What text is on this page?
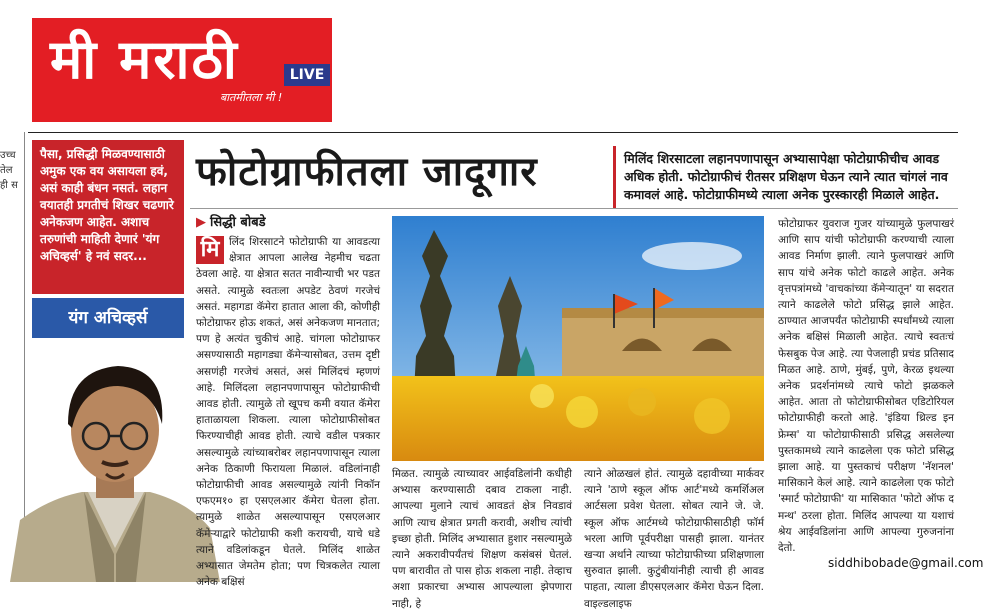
मी मराठी	LIVE
बातमीतला मी !
उच्च तेल ही स
पैसा, प्रसिद्धी मिळवण्यासाठी अमुक एक वय असायला हवं, असं काही बंधन नसतं. लहान वयातही प्रगतीचं शिखर चढणारे अनेकजण आहेत. अशाच तरुणांची माहिती देणारं 'यंग अचिव्हर्स' हे नवं सदर...
यंग अचिव्हर्स
फोटोग्राफीतला जादूगार	मिलिंद शिरसाटला लहानपणापासून अभ्यासापेक्षा फोटोग्राफीचीच आवड अधिक होती. फोटोग्राफीचं रीतसर प्रशिक्षण घेऊन त्याने त्यात चांगलं नाव कमावलं आहे. फोटोग्राफीमध्ये त्याला अनेक पुरस्कारही मिळाले आहेत.
▶ सिद्धी बोबडे
मि लिंद शिरसाटने फोटोग्राफी या आवडत्या क्षेत्रात आपला आलेख नेहमीच चढता ठेवला आहे. या क्षेत्रात सतत नावीन्याची भर पडत असते. त्यामुळे स्वतःला अपडेट ठेवणं गरजेचं असतं. महागडा कॅमेरा हातात आला की, कोणीही फोटोग्राफर होऊ शकतं, असं अनेकजण मानतात; पण हे अत्यंत चुकीचं आहे. चांगला फोटोग्राफर असण्यासाठी महागड्या कॅमेऱ्यासोबत, उत्तम दृष्टी असणंही गरजेचं असतं, असं मिलिंदचं म्हणणं आहे. मिलिंदला लहानपणापासून फोटोग्राफीची आवड होती. त्यामुळे तो खूपच कमी वयात कॅमेरा हाताळायला शिकला. त्याला फोटोग्राफीसोबत फिरण्याचीही आवड होती. त्याचे वडील पत्रकार असल्यामुळे त्यांच्याबरोबर लहानपणापासून त्याला अनेक ठिकाणी फिरायला मिळालं. वडिलांनाही फोटोग्राफीची आवड असल्यामुळे त्यांनी निकॉन एफएम१० हा एसएलआर कॅमेरा घेतला होता. त्यामुळे शाळेत असल्यापासून एसएलआर कॅमेऱ्याद्वारे फोटोग्राफी कशी करायची, याचे धडे त्याने वडिलांकडून घेतले. मिलिंद शाळेत अभ्यासात जेमतेम होता; पण चित्रकलेत त्याला अनेक बक्षिसं
मिळत. त्यामुळे त्याच्यावर आईवडिलांनी कधीही अभ्यास करण्यासाठी दबाव टाकला नाही. आपल्या मुलाने त्याचं आवडतं क्षेत्र निवडावं आणि त्याच क्षेत्रात प्रगती करावी, अशीच त्यांची इच्छा होती. मिलिंद अभ्यासात हुशार नसल्यामुळे त्याने अकरावीपर्यंतचं शिक्षण कसंबसं घेतलं. पण बारावीत तो पास होऊ शकला नाही. तेव्हाच अशा प्रकारचा अभ्यास आपल्याला झेपणारा नाही, हे
त्याने ओळखलं होतं. त्यामुळे दहावीच्या मार्कवर त्याने 'ठाणे स्कूल ऑफ आर्ट'मध्ये कमर्शिअल आर्टसला प्रवेश घेतला. सोबत त्याने जे. जे. स्कूल ऑफ आर्टमध्ये फोटोग्राफीसाठीही फॉर्म भरला आणि पूर्वपरीक्षा पासही झाला. यानंतर खऱ्या अर्थाने त्याच्या फोटोग्राफीच्या प्रशिक्षणाला सुरुवात झाली. कुटुंबीयांनीही त्याची ही आवड पाहता, त्याला डीएसएलआर कॅमेरा घेऊन दिला. वाइल्डलाइफ
फोटोग्राफर युवराज गुजर यांच्यामुळे फुलपाखरं आणि साप यांची फोटोग्राफी करण्याची त्याला आवड निर्माण झाली. त्याने फुलपाखरं आणि साप यांचे अनेक फोटो काढले आहेत. अनेक वृत्तपत्रांमध्ये 'वाचकांच्या कॅमेऱ्यातून' या सदरात त्याने काढलेले फोटो प्रसिद्ध झाले आहेत. ठाण्यात आजपर्यंत फोटोग्राफी स्पर्धांमध्ये त्याला अनेक बक्षिसं मिळाली आहेत. त्याचे स्वतःचं फेसबुक पेज आहे. त्या पेजलाही प्रचंड प्रतिसाद मिळत आहे. ठाणे, मुंबई, पुणे, केरळ इथल्या अनेक प्रदर्शनांमध्ये त्याचे फोटो झळकले आहेत. आता तो फोटोग्राफीसोबत एडिटोरियल फोटोग्राफीही करतो आहे. 'इंडिया थ्रिल्ड इन फ्रेम्स' या फोटोग्राफीसाठी प्रसिद्ध असलेल्या पुस्तकामध्ये त्याने काढलेला एक फोटो प्रसिद्ध झाला आहे. या पुस्तकाचं परीक्षण 'नॅशनल' मासिकाने केलं आहे. त्याने काढलेला एक फोटो 'स्मार्ट फोटोग्राफी' या मासिकात 'फोटो ऑफ द मन्थ' ठरला होता. मिलिंद आपल्या या यशाचं श्रेय आईवडिलांना आणि आपल्या गुरुजनांना देतो.
siddhibobade@gmail.com
